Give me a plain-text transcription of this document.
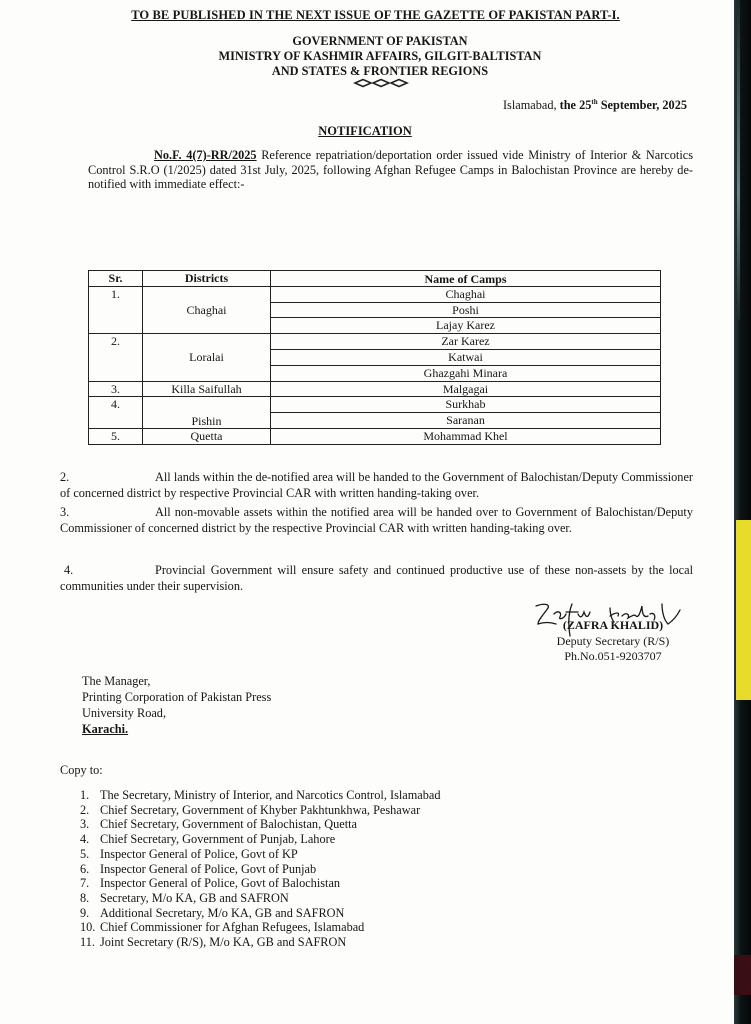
TO BE PUBLISHED IN THE NEXT ISSUE OF THE GAZETTE OF PAKISTAN PART-I.
GOVERNMENT OF PAKISTAN
MINISTRY OF KASHMIR AFFAIRS, GILGIT-BALTISTAN
AND STATES & FRONTIER REGIONS
Islamabad, the 25th September, 2025
NOTIFICATION
No.F. 4(7)-RR/2025 Reference repatriation/deportation order issued vide Ministry of Interior & Narcotics Control S.R.O (1/2025) dated 31st July, 2025, following Afghan Refugee Camps in Balochistan Province are hereby de-notified with immediate effect:-
Sr.	Districts	Name of Camps
1.	Chaghai	Chaghai
		Poshi
		Lajay Karez
2.	Loralai	Zar Karez
		Katwai
		Ghazgahi Minara
3.	Killa Saifullah	Malgagai
4.	Pishin	Surkhab
		Saranan
5.	Quetta	Mohammad Khel
2.	All lands within the de-notified area will be handed to the Government of Balochistan/Deputy Commissioner of concerned district by respective Provincial CAR with written handing-taking over.
3.	All non-movable assets within the notified area will be handed over to Government of Balochistan/Deputy Commissioner of concerned district by the respective Provincial CAR with written handing-taking over.
4.	Provincial Government will ensure safety and continued productive use of these non-assets by the local communities under their supervision.
(ZAFRA KHALID)
Deputy Secretary (R/S)
Ph.No.051-9203707
The Manager,
Printing Corporation of Pakistan Press
University Road,
Karachi.
Copy to:
1. The Secretary, Ministry of Interior, and Narcotics Control, Islamabad
2. Chief Secretary, Government of Khyber Pakhtunkhwa, Peshawar
3. Chief Secretary, Government of Balochistan, Quetta
4. Chief Secretary, Government of Punjab, Lahore
5. Inspector General of Police, Govt of KP
6. Inspector General of Police, Govt of Punjab
7. Inspector General of Police, Govt of Balochistan
8. Secretary, M/o KA, GB and SAFRON
9. Additional Secretary, M/o KA, GB and SAFRON
10. Chief Commissioner for Afghan Refugees, Islamabad
11. Joint Secretary (R/S), M/o KA, GB and SAFRON
